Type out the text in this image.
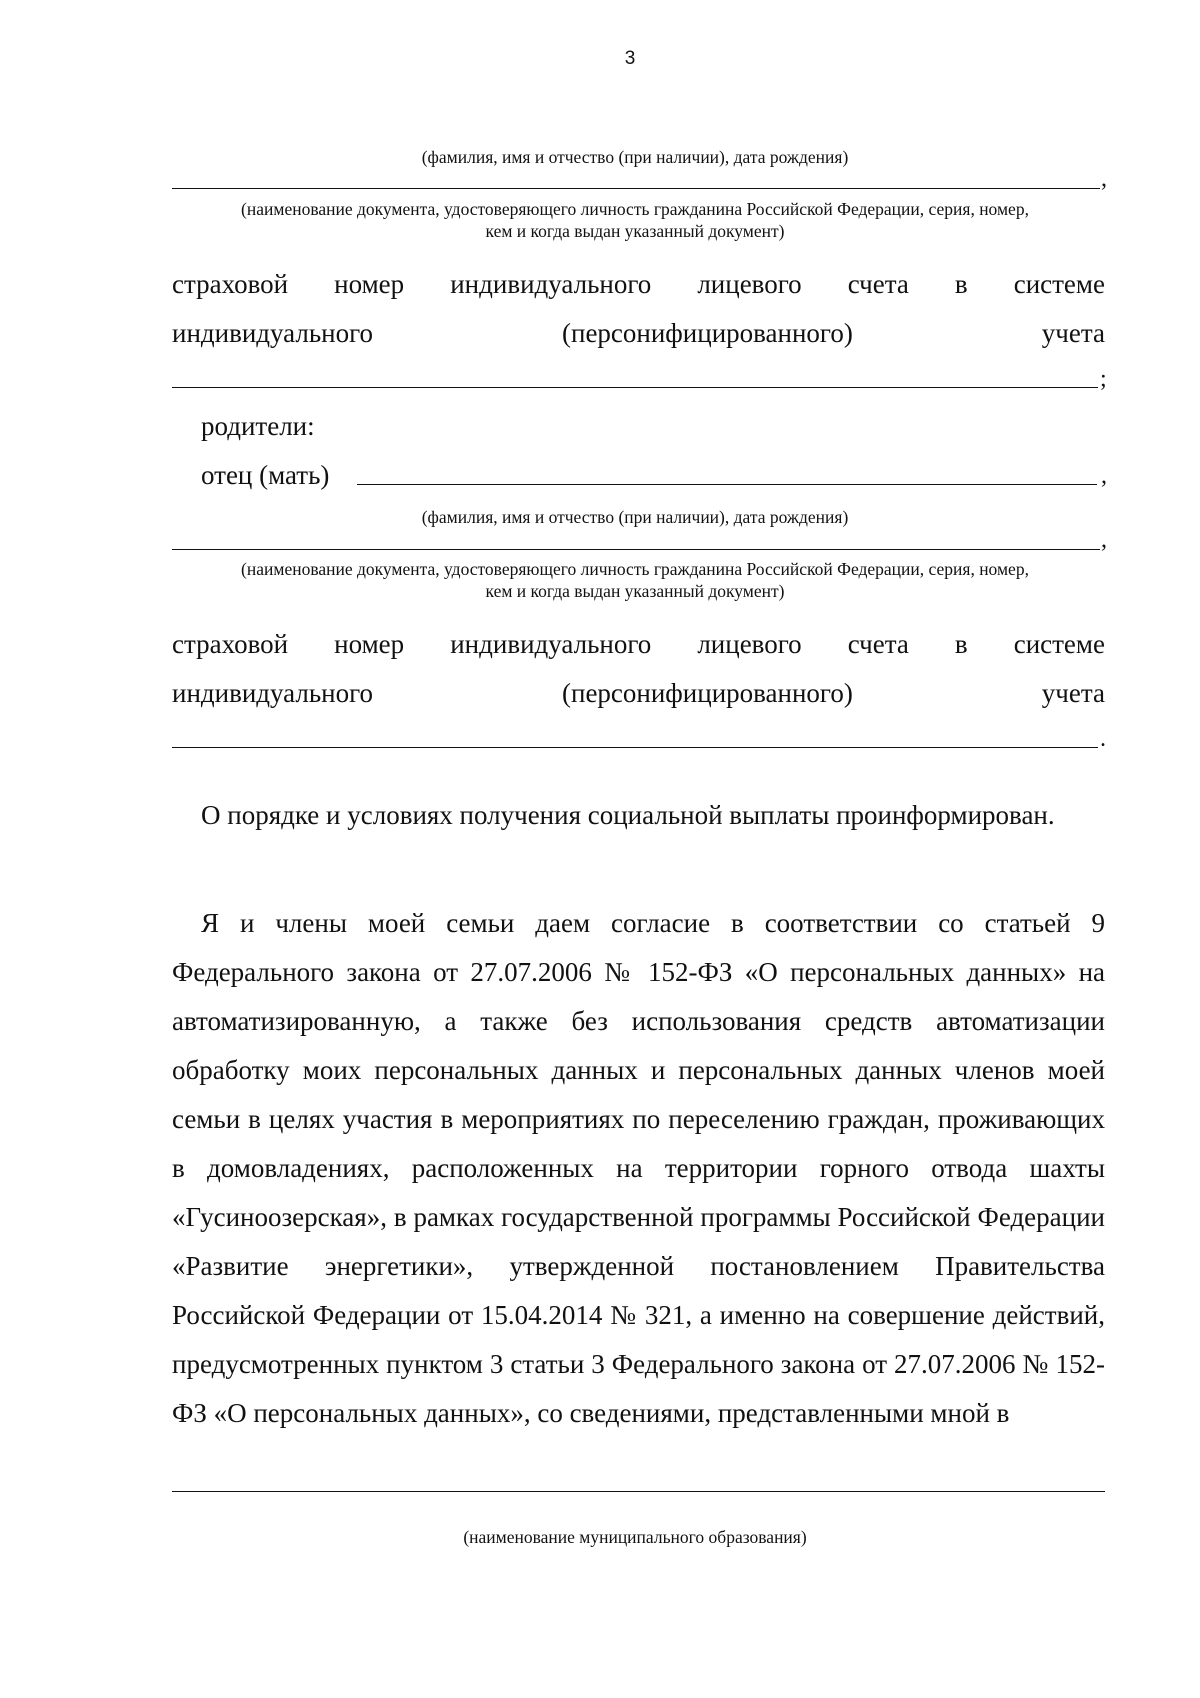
3
(фамилия, имя и отчество (при наличии), дата рождения)
,
(наименование документа, удостоверяющего личность гражданина Российской Федерации, серия, номер,
кем и когда выдан указанный документ)
страховой номер индивидуального лицевого счета в системе
индивидуального	(персонифицированного)	учета
;
родители:
отец (мать)	,
(фамилия, имя и отчество (при наличии), дата рождения)
,
(наименование документа, удостоверяющего личность гражданина Российской Федерации, серия, номер,
кем и когда выдан указанный документ)
страховой номер индивидуального лицевого счета в системе
индивидуального	(персонифицированного)	учета
.
О порядке и условиях получения социальной выплаты проинформирован.
Я и члены моей семьи даем согласие в соответствии со статьей 9 Федерального закона от 27.07.2006 № 152-ФЗ «О персональных данных» на автоматизированную, а также без использования средств автоматизации обработку моих персональных данных и персональных данных членов моей семьи в целях участия в мероприятиях по переселению граждан, проживающих в домовладениях, расположенных на территории горного отвода шахты «Гусиноозерская», в рамках государственной программы Российской Федерации «Развитие энергетики», утвержденной постановлением Правительства Российской Федерации от 15.04.2014 № 321, а именно на совершение действий, предусмотренных пунктом 3 статьи 3 Федерального закона от 27.07.2006 № 152-ФЗ «О персональных данных», со сведениями, представленными мной в
(наименование муниципального образования)
